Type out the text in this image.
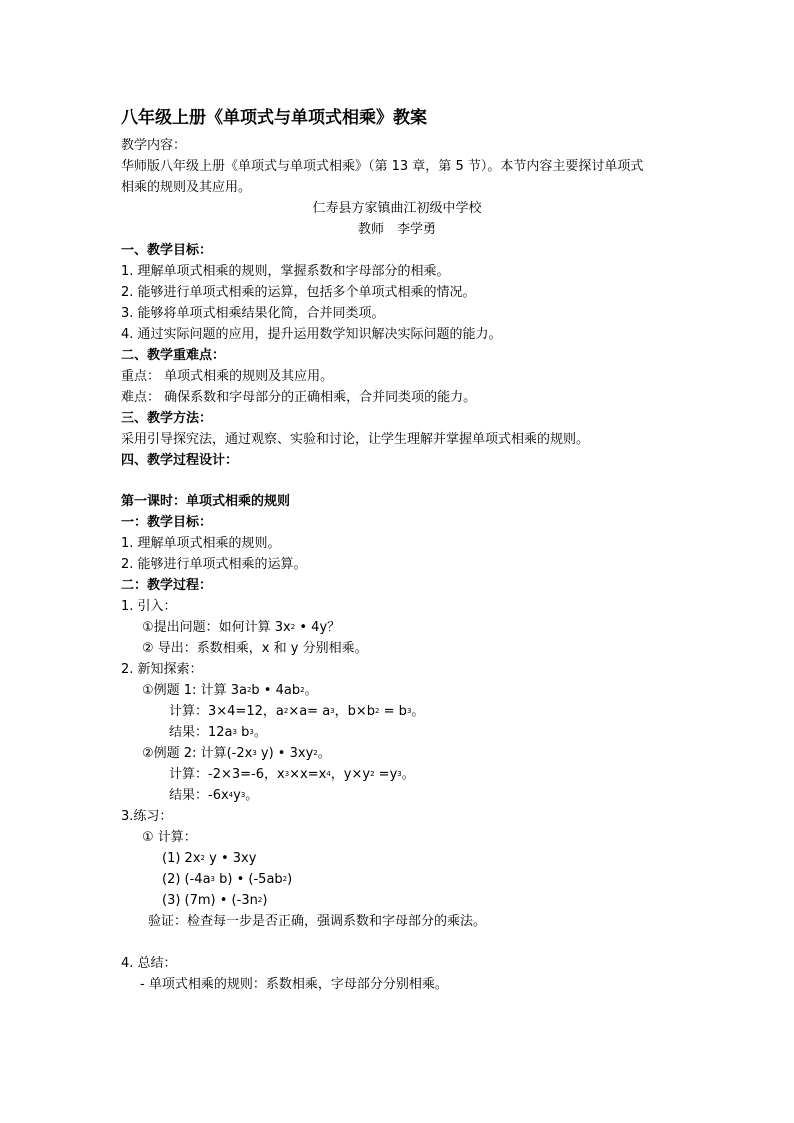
八年级上册《单项式与单项式相乘》教案
教学内容：
华师版八年级上册《单项式与单项式相乘》（第 13 章，第 5 节）。本节内容主要探讨单项式
相乘的规则及其应用。
仁寿县方家镇曲江初级中学校
教师　李学勇
一、教学目标：
1. 理解单项式相乘的规则，掌握系数和字母部分的相乘。
2. 能够进行单项式相乘的运算，包括多个单项式相乘的情况。
3. 能够将单项式相乘结果化简，合并同类项。
4. 通过实际问题的应用，提升运用数学知识解决实际问题的能力。
二、教学重难点：
重点： 单项式相乘的规则及其应用。
难点： 确保系数和字母部分的正确相乘，合并同类项的能力。
三、教学方法：
采用引导探究法，通过观察、实验和讨论，让学生理解并掌握单项式相乘的规则。
四、教学过程设计：
第一课时：单项式相乘的规则
一：教学目标：
1. 理解单项式相乘的规则。
2. 能够进行单项式相乘的运算。
二：教学过程：
1. 引入：
①提出问题：如何计算 $3x^2$ • 4y？
② 导出：系数相乘，x 和 y 分别相乘。
2. 新知探索：
①例题 1: 计算 $3a^2b$ • $4ab^2$。
计算：3×4=12，$a^2\times a= a^3$，$b\times b^2 = b^3$。
结果：$12a^3$ $b^3$。
②例题 2: 计算($-2x^3$ y) • $3xy^2$。
计算：-2×3=-6，$x^3\times x=x^4$，$y\times y^2 =y^3$。
结果：$-6x^4y^3$。
3.练习：
① 计算：
(1) $2x^2$ y • 3xy
(2) ($-4a^3$ b) • $(-5ab^2)$
(3) (7m) • $(-3n^2)$
验证：检查每一步是否正确，强调系数和字母部分的乘法。
4. 总结：
- 单项式相乘的规则：系数相乘，字母部分分别相乘。
